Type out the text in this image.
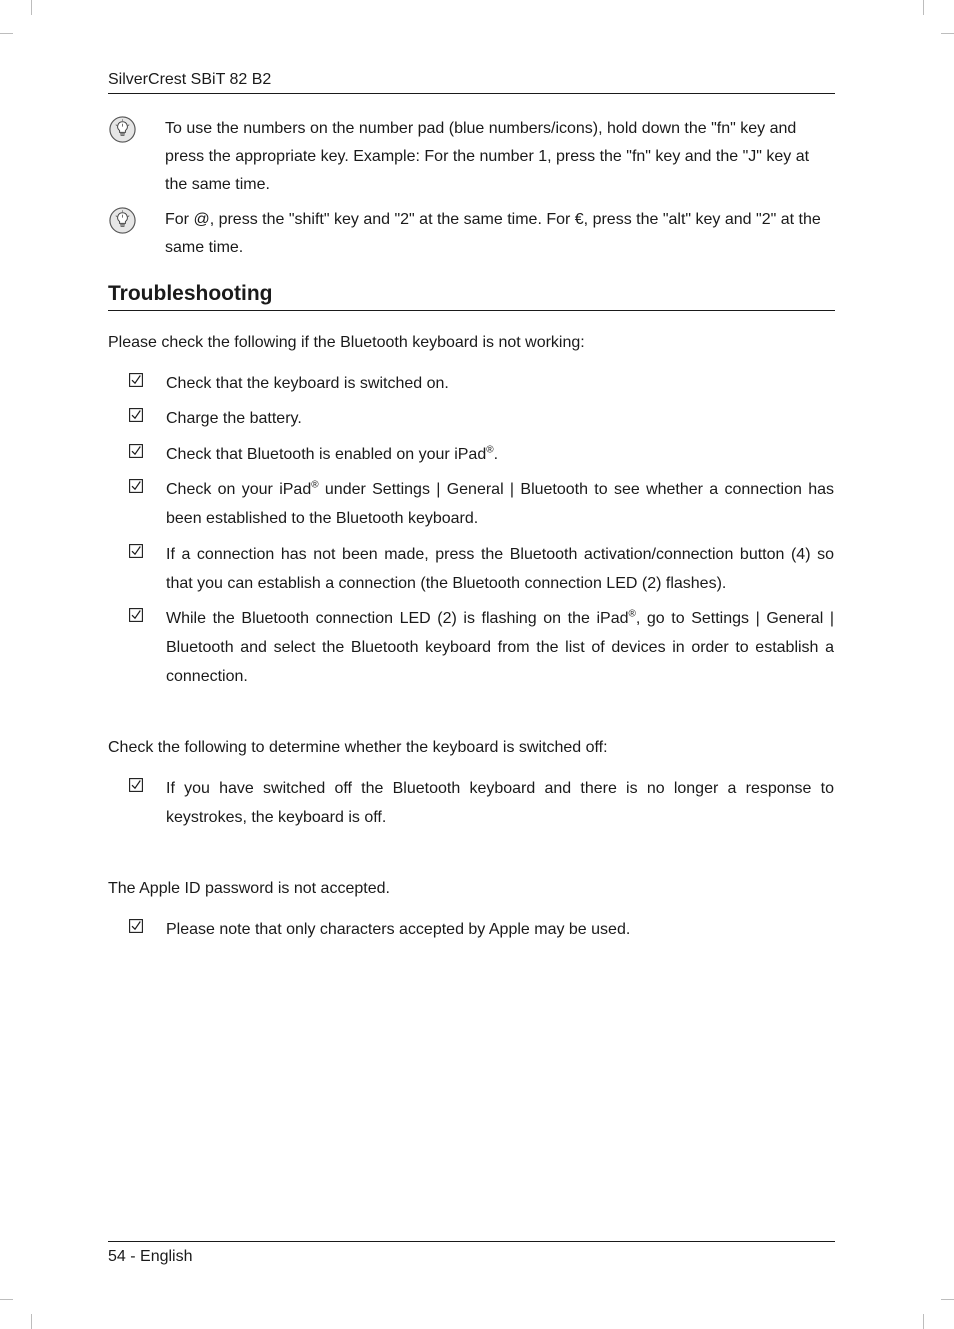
SilverCrest SBiT 82 B2
To use the numbers on the number pad (blue numbers/icons), hold down the "fn" key and press the appropriate key. Example: For the number 1, press the "fn" key and the "J" key at the same time.
For @, press the "shift" key and "2" at the same time. For €, press the "alt" key and "2" at the same time.
Troubleshooting
Please check the following if the Bluetooth keyboard is not working:
Check that the keyboard is switched on.
Charge the battery.
Check that Bluetooth is enabled on your iPad®.
Check on your iPad® under Settings | General | Bluetooth to see whether a connection has been established to the Bluetooth keyboard.
If a connection has not been made, press the Bluetooth activation/connection button (4) so that you can establish a connection (the Bluetooth connection LED (2) flashes).
While the Bluetooth connection LED (2) is flashing on the iPad®, go to Settings | General | Bluetooth and select the Bluetooth keyboard from the list of devices in order to establish a connection.
Check the following to determine whether the keyboard is switched off:
If you have switched off the Bluetooth keyboard and there is no longer a response to keystrokes, the keyboard is off.
The Apple ID password is not accepted.
Please note that only characters accepted by Apple may be used.
54 - English
